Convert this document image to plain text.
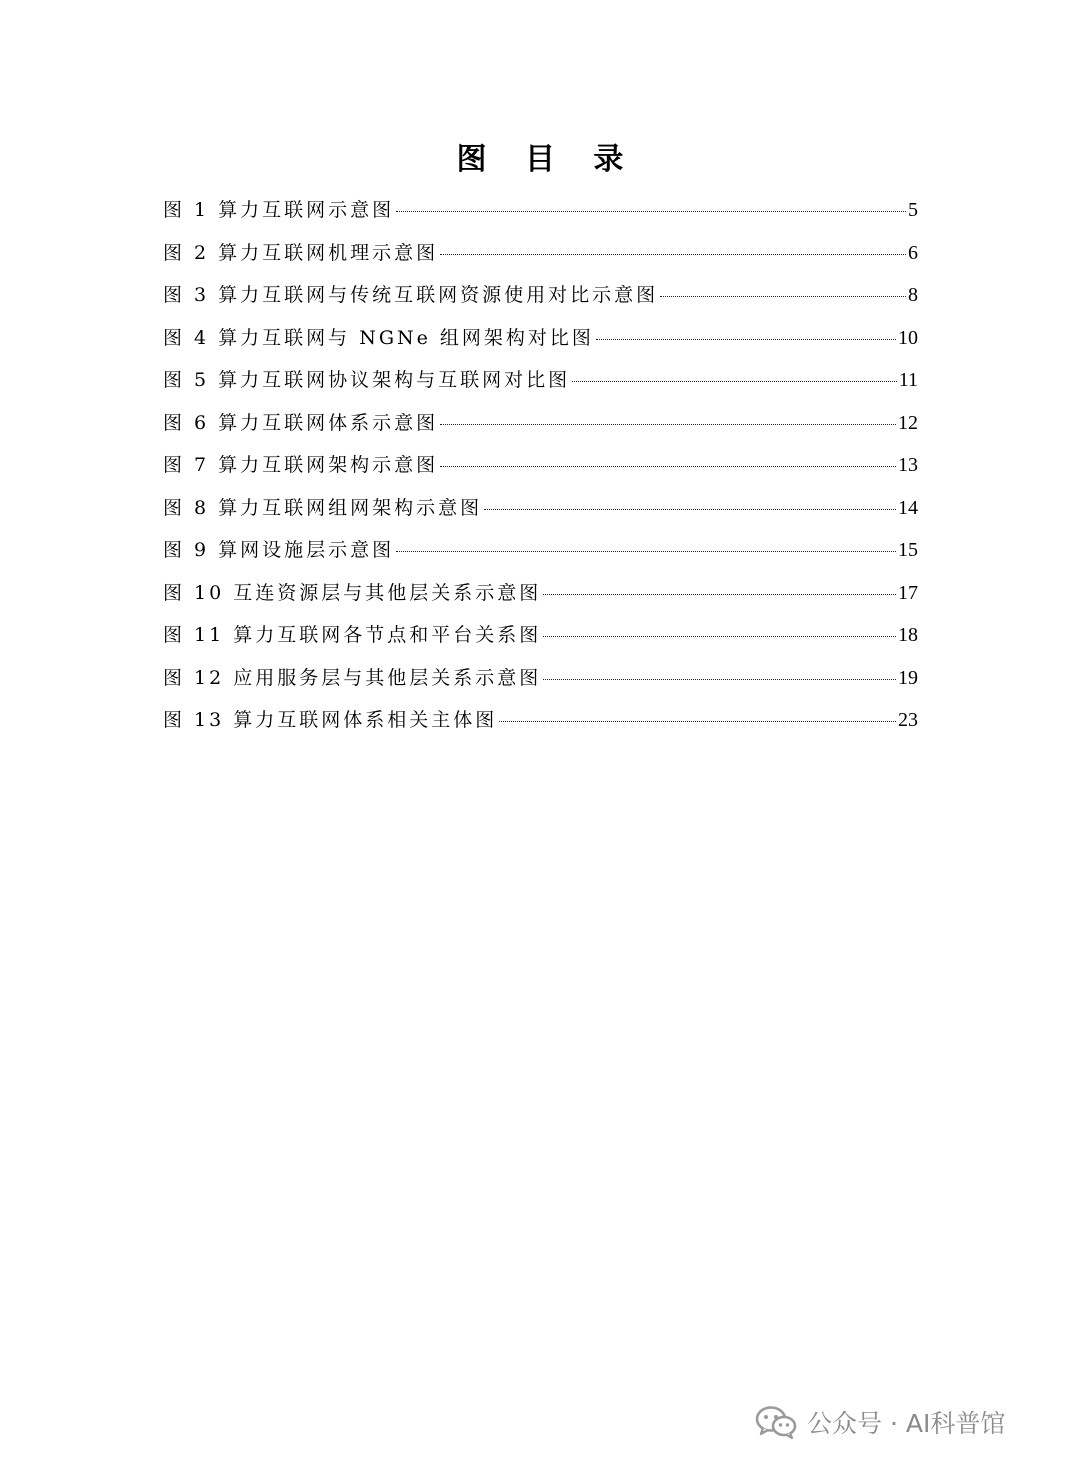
图 目 录
图 1 算力互联网示意图	5
图 2 算力互联网机理示意图	6
图 3 算力互联网与传统互联网资源使用对比示意图	8
图 4 算力互联网与 NGNe 组网架构对比图	10
图 5 算力互联网协议架构与互联网对比图	11
图 6 算力互联网体系示意图	12
图 7 算力互联网架构示意图	13
图 8 算力互联网组网架构示意图	14
图 9 算网设施层示意图	15
图 10 互连资源层与其他层关系示意图	17
图 11 算力互联网各节点和平台关系图	18
图 12 应用服务层与其他层关系示意图	19
图 13 算力互联网体系相关主体图	23
公众号 · AI科普馆
